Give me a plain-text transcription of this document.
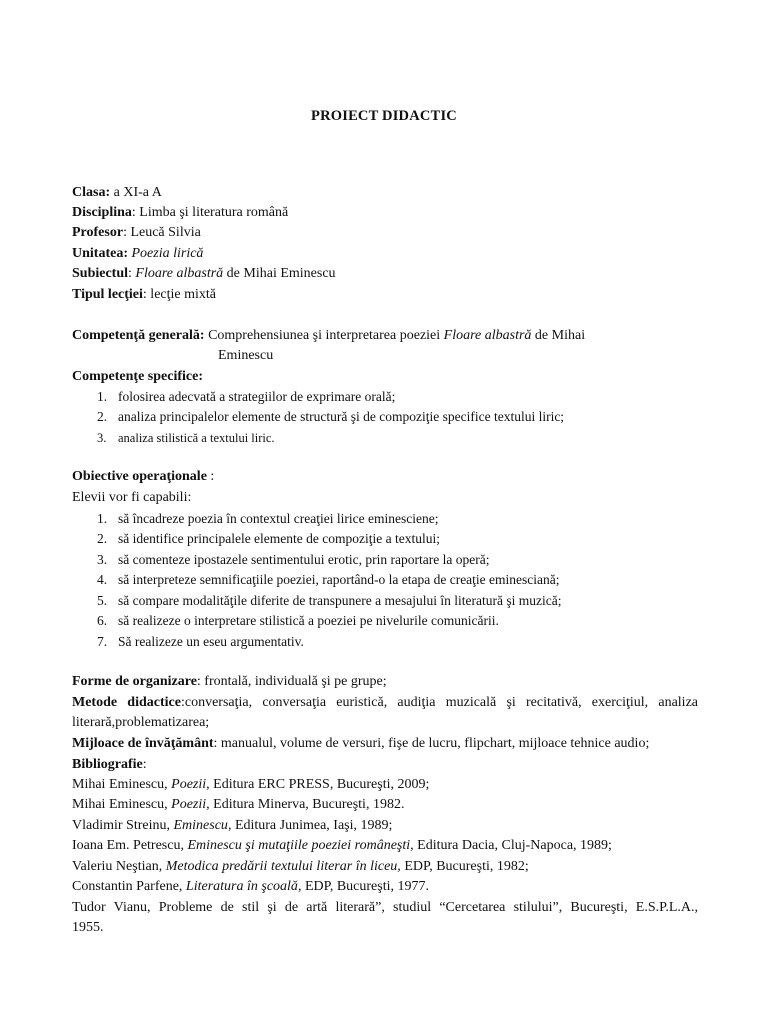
PROIECT DIDACTIC
Clasa: a XI-a A
Disciplina: Limba şi literatura română
Profesor: Leucă Silvia
Unitatea: Poezia lirică
Subiectul: Floare albastră de Mihai Eminescu
Tipul lecţiei: lecţie mixtă
Competenţă generală: Comprehensiunea şi interpretarea poeziei Floare albastră de Mihai
Eminescu
Competenţe specifice:
1. folosirea adecvată a strategiilor de exprimare orală;
2. analiza principalelor elemente de structură şi de compoziţie specifice textului liric;
3. analiza stilistică a textului liric.
Obiective operaţionale :
Elevii vor fi capabili:
1. să încadreze poezia în contextul creaţiei lirice eminesciene;
2. să identifice principalele elemente de compoziţie a textului;
3. să comenteze ipostazele sentimentului erotic, prin raportare la operă;
4. să interpreteze semnificaţiile poeziei, raportând-o la etapa de creaţie eminesciană;
5. să compare modalităţile diferite de transpunere a mesajului în literatură şi muzică;
6. să realizeze o interpretare stilistică a poeziei pe nivelurile comunicării.
7. Să realizeze un eseu argumentativ.
Forme de organizare: frontală, individuală şi pe grupe;
Metode didactice:conversaţia, conversaţia euristică, audiţia muzicală şi recitativă, exerciţiul, analiza
literară,problematizarea;
Mijloace de învăţământ: manualul, volume de versuri, fişe de lucru, flipchart, mijloace tehnice audio;
Bibliografie:
Mihai Eminescu, Poezii, Editura ERC PRESS, Bucureşti, 2009;
Mihai Eminescu, Poezii, Editura Minerva, Bucureşti, 1982.
Vladimir Streinu, Eminescu, Editura Junimea, Iaşi, 1989;
Ioana Em. Petrescu, Eminescu şi mutaţiile poeziei româneşti, Editura Dacia, Cluj-Napoca, 1989;
Valeriu Neştian, Metodica predării textului literar în liceu, EDP, Bucureşti, 1982;
Constantin Parfene, Literatura în şcoală, EDP, Bucureşti, 1977.
Tudor Vianu, Probleme de stil şi de artă literară”, studiul “Cercetarea stilului”, Bucureşti, E.S.P.L.A.,
1955.
